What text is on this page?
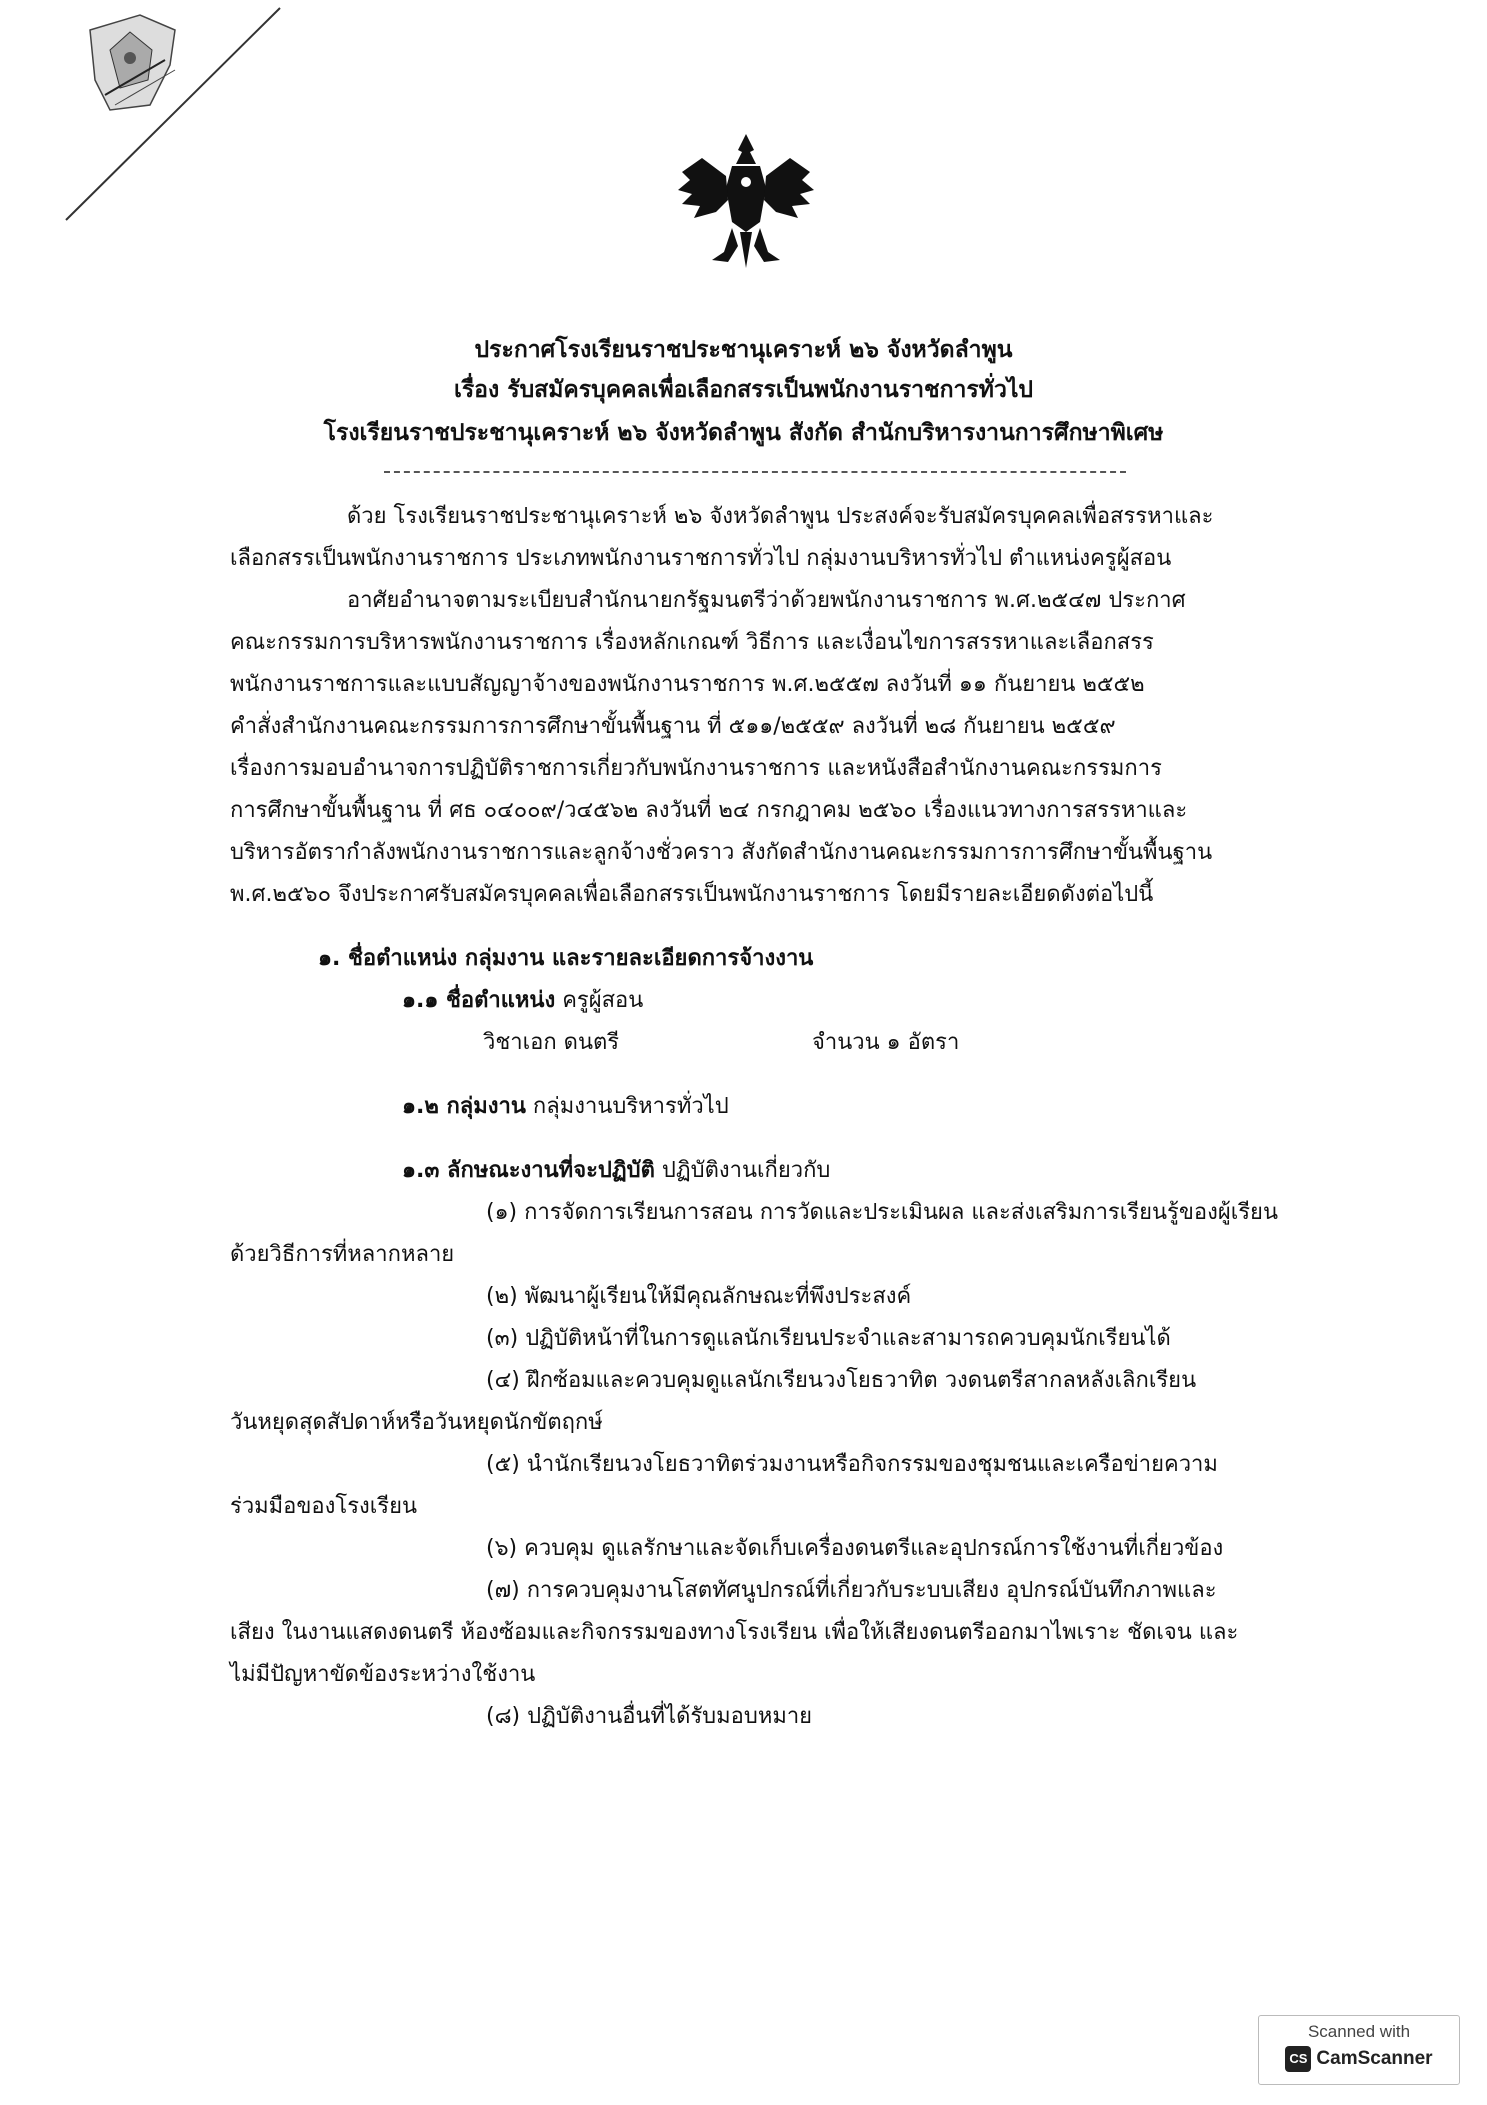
ประกาศโรงเรียนราชประชานุเคราะห์ ๒๖ จังหวัดลำพูน
เรื่อง รับสมัครบุคคลเพื่อเลือกสรรเป็นพนักงานราชการทั่วไป
โรงเรียนราชประชานุเคราะห์ ๒๖ จังหวัดลำพูน สังกัด สำนักบริหารงานการศึกษาพิเศษ
ด้วย โรงเรียนราชประชานุเคราะห์ ๒๖ จังหวัดลำพูน ประสงค์จะรับสมัครบุคคลเพื่อสรรหาและ
เลือกสรรเป็นพนักงานราชการ ประเภทพนักงานราชการทั่วไป กลุ่มงานบริหารทั่วไป ตำแหน่งครูผู้สอน
อาศัยอำนาจตามระเบียบสำนักนายกรัฐมนตรีว่าด้วยพนักงานราชการ พ.ศ.๒๕๔๗ ประกาศ
คณะกรรมการบริหารพนักงานราชการ เรื่องหลักเกณฑ์ วิธีการ และเงื่อนไขการสรรหาและเลือกสรร
พนักงานราชการและแบบสัญญาจ้างของพนักงานราชการ พ.ศ.๒๕๕๗ ลงวันที่ ๑๑ กันยายน ๒๕๕๒
คำสั่งสำนักงานคณะกรรมการการศึกษาขั้นพื้นฐาน ที่ ๕๑๑/๒๕๕๙ ลงวันที่ ๒๘ กันยายน ๒๕๕๙
เรื่องการมอบอำนาจการปฏิบัติราชการเกี่ยวกับพนักงานราชการ และหนังสือสำนักงานคณะกรรมการ
การศึกษาขั้นพื้นฐาน ที่ ศธ ๐๔๐๐๙/ว๔๕๖๒ ลงวันที่ ๒๔ กรกฎาคม ๒๕๖๐ เรื่องแนวทางการสรรหาและ
บริหารอัตรากำลังพนักงานราชการและลูกจ้างชั่วคราว สังกัดสำนักงานคณะกรรมการการศึกษาขั้นพื้นฐาน
พ.ศ.๒๕๖๐ จึงประกาศรับสมัครบุคคลเพื่อเลือกสรรเป็นพนักงานราชการ โดยมีรายละเอียดดังต่อไปนี้
๑. ชื่อตำแหน่ง กลุ่มงาน และรายละเอียดการจ้างงาน
๑.๑ ชื่อตำแหน่ง ครูผู้สอน
วิชาเอก ดนตรี	จำนวน ๑ อัตรา
๑.๒ กลุ่มงาน กลุ่มงานบริหารทั่วไป
๑.๓ ลักษณะงานที่จะปฏิบัติ ปฏิบัติงานเกี่ยวกับ
(๑) การจัดการเรียนการสอน การวัดและประเมินผล และส่งเสริมการเรียนรู้ของผู้เรียน
ด้วยวิธีการที่หลากหลาย
(๒) พัฒนาผู้เรียนให้มีคุณลักษณะที่พึงประสงค์
(๓) ปฏิบัติหน้าที่ในการดูแลนักเรียนประจำและสามารถควบคุมนักเรียนได้
(๔) ฝึกซ้อมและควบคุมดูแลนักเรียนวงโยธวาทิต วงดนตรีสากลหลังเลิกเรียน
วันหยุดสุดสัปดาห์หรือวันหยุดนักขัตฤกษ์
(๕) นำนักเรียนวงโยธวาทิตร่วมงานหรือกิจกรรมของชุมชนและเครือข่ายความ
ร่วมมือของโรงเรียน
(๖) ควบคุม ดูแลรักษาและจัดเก็บเครื่องดนตรีและอุปกรณ์การใช้งานที่เกี่ยวข้อง
(๗) การควบคุมงานโสตทัศนูปกรณ์ที่เกี่ยวกับระบบเสียง อุปกรณ์บันทึกภาพและ
เสียง ในงานแสดงดนตรี ห้องซ้อมและกิจกรรมของทางโรงเรียน เพื่อให้เสียงดนตรีออกมาไพเราะ ชัดเจน และ
ไม่มีปัญหาขัดข้องระหว่างใช้งาน
(๘) ปฏิบัติงานอื่นที่ได้รับมอบหมาย
Scanned with
CS CamScanner
